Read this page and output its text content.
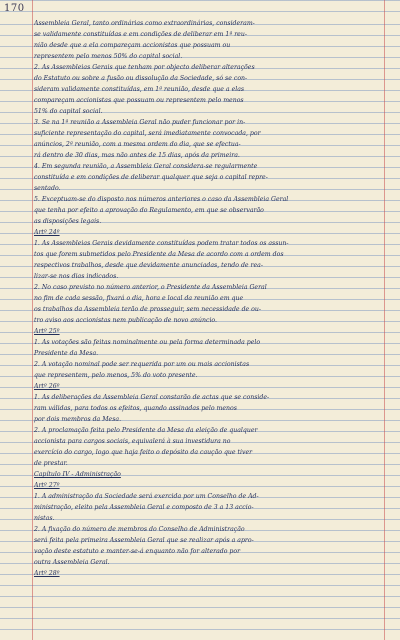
170
Assembleia Geral, tanto ordinárias como extraordinárias, consideram-
se validamente constituídas e em condições de deliberar em 1ª reu-
nião desde que a ela compareçam accionistas que possuam ou
representem pelo menos 50% do capital social.
2. As Assembleias Gerais que tenham por objecto deliberar alterações
do Estatuto ou sobre a fusão ou dissolução da Sociedade, só se con-
sideram validamente constituídas, em 1ª reunião, desde que a elas
compareçam accionistas que possuam ou representem pelo menos
51% do capital social.
3. Se na 1ª reunião a Assembleia Geral não puder funcionar por in-
suficiente representação do capital, será imediatamente convocada, por
anúncios, 2ª reunião, com a mesma ordem do dia, que se efectua-
rá dentro de 30 dias, mas não antes de 15 dias, após da primeira.
4. Em segunda reunião, a Assembleia Geral considera-se regularmente
constituída e em condições de deliberar qualquer que seja o capital repre-
sentado.
5. Exceptuam-se do disposto nos números anteriores o caso da Assembleia Geral
que tenha por efeito a aprovação do Regulamento, em que se observarão
as disposições legais.
Artº 24º
1. As Assembleias Gerais devidamente constituídas podem tratar todos os assun-
tos que forem submetidos pelo Presidente da Mesa de acordo com a ordem dos
respectivos trabalhos, desde que devidamente anunciadas, tendo de rea-
lizar-se nos dias indicados.
2. No caso previsto no número anterior, o Presidente da Assembleia Geral
no fim de cada sessão, fixará o dia, hora e local da reunião em que
os trabalhos da Assembleia terão de prosseguir, sem necessidade de ou-
tro aviso aos accionistas nem publicação de novo anúncio.
Artº 25º
1. As votações são feitas nominalmente ou pela forma determinada pelo
Presidente da Mesa.
2. A votação nominal pode ser requerida por um ou mais accionistas
que representem, pelo menos, 5% do voto presente.
Artº 26º
1. As deliberações da Assembleia Geral constarão de actas que se conside-
ram válidas, para todos os efeitos, quando assinadas pelo menos
por dois membros da Mesa.
2. A proclamação feita pelo Presidente da Mesa da eleição de qualquer
accionista para cargos sociais, equivalerá à sua investidura no
exercício do cargo, logo que haja feito o depósito da caução que tiver
de prestar.
Capítulo IV - Administração
Artº 27º
1. A administração da Sociedade será exercida por um Conselho de Ad-
ministração, eleito pela Assembleia Geral e composto de 3 a 13 accio-
nistas.
2. A fixação do número de membros do Conselho de Administração
será feita pela primeira Assembleia Geral que se realizar após a apro-
vação deste estatuto e manter-se-á enquanto não for alterado por
outra Assembleia Geral.
Artº 28º
